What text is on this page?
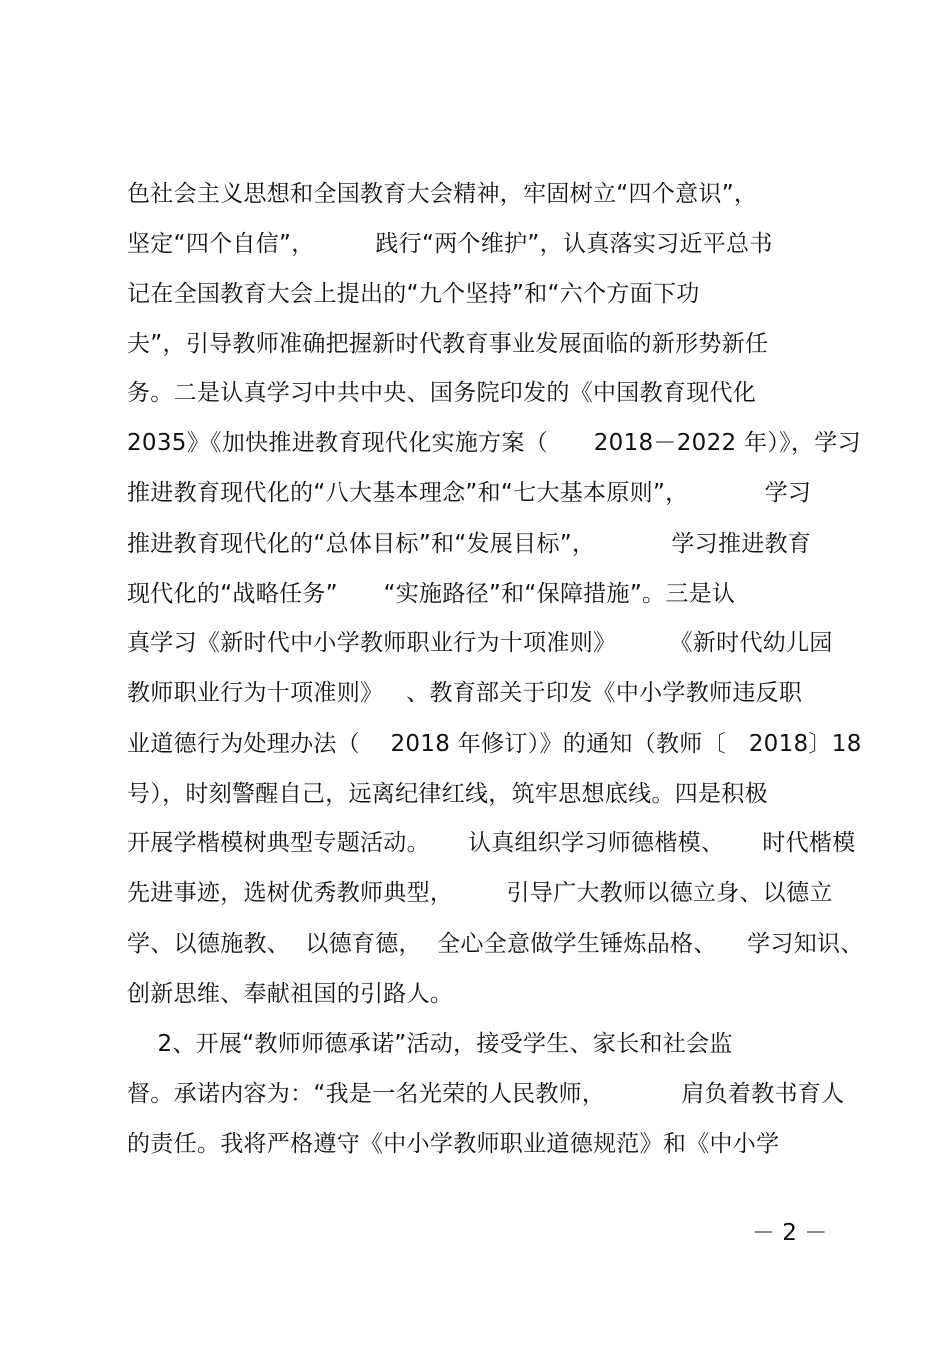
色社会主义思想和全国教育大会精神，牢固树立“四个意识”，
坚定“四个自信”，        践行“两个维护”，认真落实习近平总书
记在全国教育大会上提出的“九个坚持”和“六个方面下功
夫”，引导教师准确把握新时代教育事业发展面临的新形势新任
务。二是认真学习中共中央、国务院印发的《中国教育现代化
2035》《加快推进教育现代化实施方案（      2018－2022 年）》，学习
推进教育现代化的“八大基本理念”和“七大基本原则”，          学习
推进教育现代化的“总体目标”和“发展目标”，          学习推进教育
现代化的“战略任务”      “实施路径”和“保障措施”。三是认
真学习《新时代中小学教师职业行为十项准则》       《新时代幼儿园
教师职业行为十项准则》   、教育部关于印发《中小学教师违反职
业道德行为处理办法（    2018 年修订）》的通知（教师〔   2018〕18
号），时刻警醒自己，远离纪律红线，筑牢思想底线。四是积极
开展学楷模树典型专题活动。     认真组织学习师德楷模、     时代楷模
先进事迹，选树优秀教师典型，       引导广大教师以德立身、以德立
学、以德施教、  以德育德，  全心全意做学生锤炼品格、    学习知识、
创新思维、奉献祖国的引路人。
2、开展“教师师德承诺”活动，接受学生、家长和社会监
督。承诺内容为：“我是一名光荣的人民教师，          肩负着教书育人
的责任。我将严格遵守《中小学教师职业道德规范》和《中小学
－ 2 －
